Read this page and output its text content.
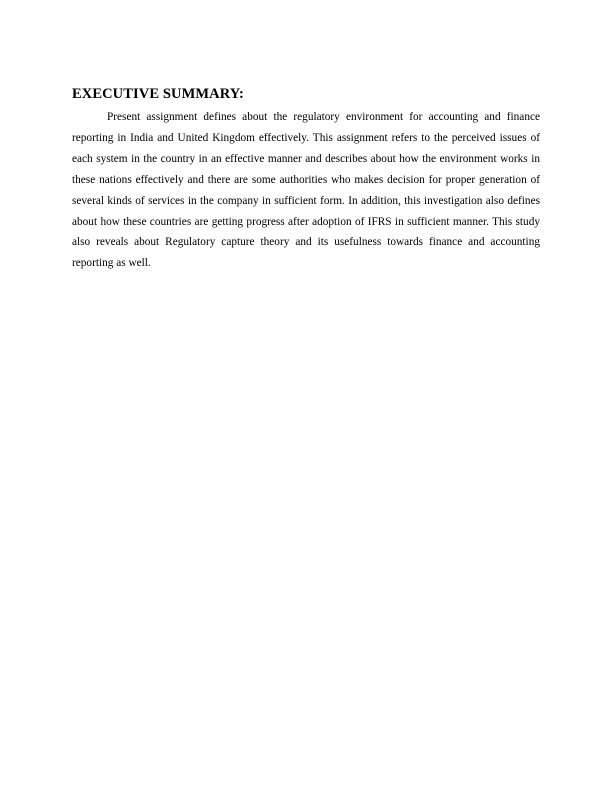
EXECUTIVE SUMMARY:

Present assignment defines about the regulatory environment for accounting and finance reporting in India and United Kingdom effectively. This assignment refers to the perceived issues of each system in the country in an effective manner and describes about how the environment works in these nations effectively and there are some authorities who makes decision for proper generation of several kinds of services in the company in sufficient form. In addition, this investigation also defines about how these countries are getting progress after adoption of IFRS in sufficient manner. This study also reveals about Regulatory capture theory and its usefulness towards finance and accounting reporting as well.
